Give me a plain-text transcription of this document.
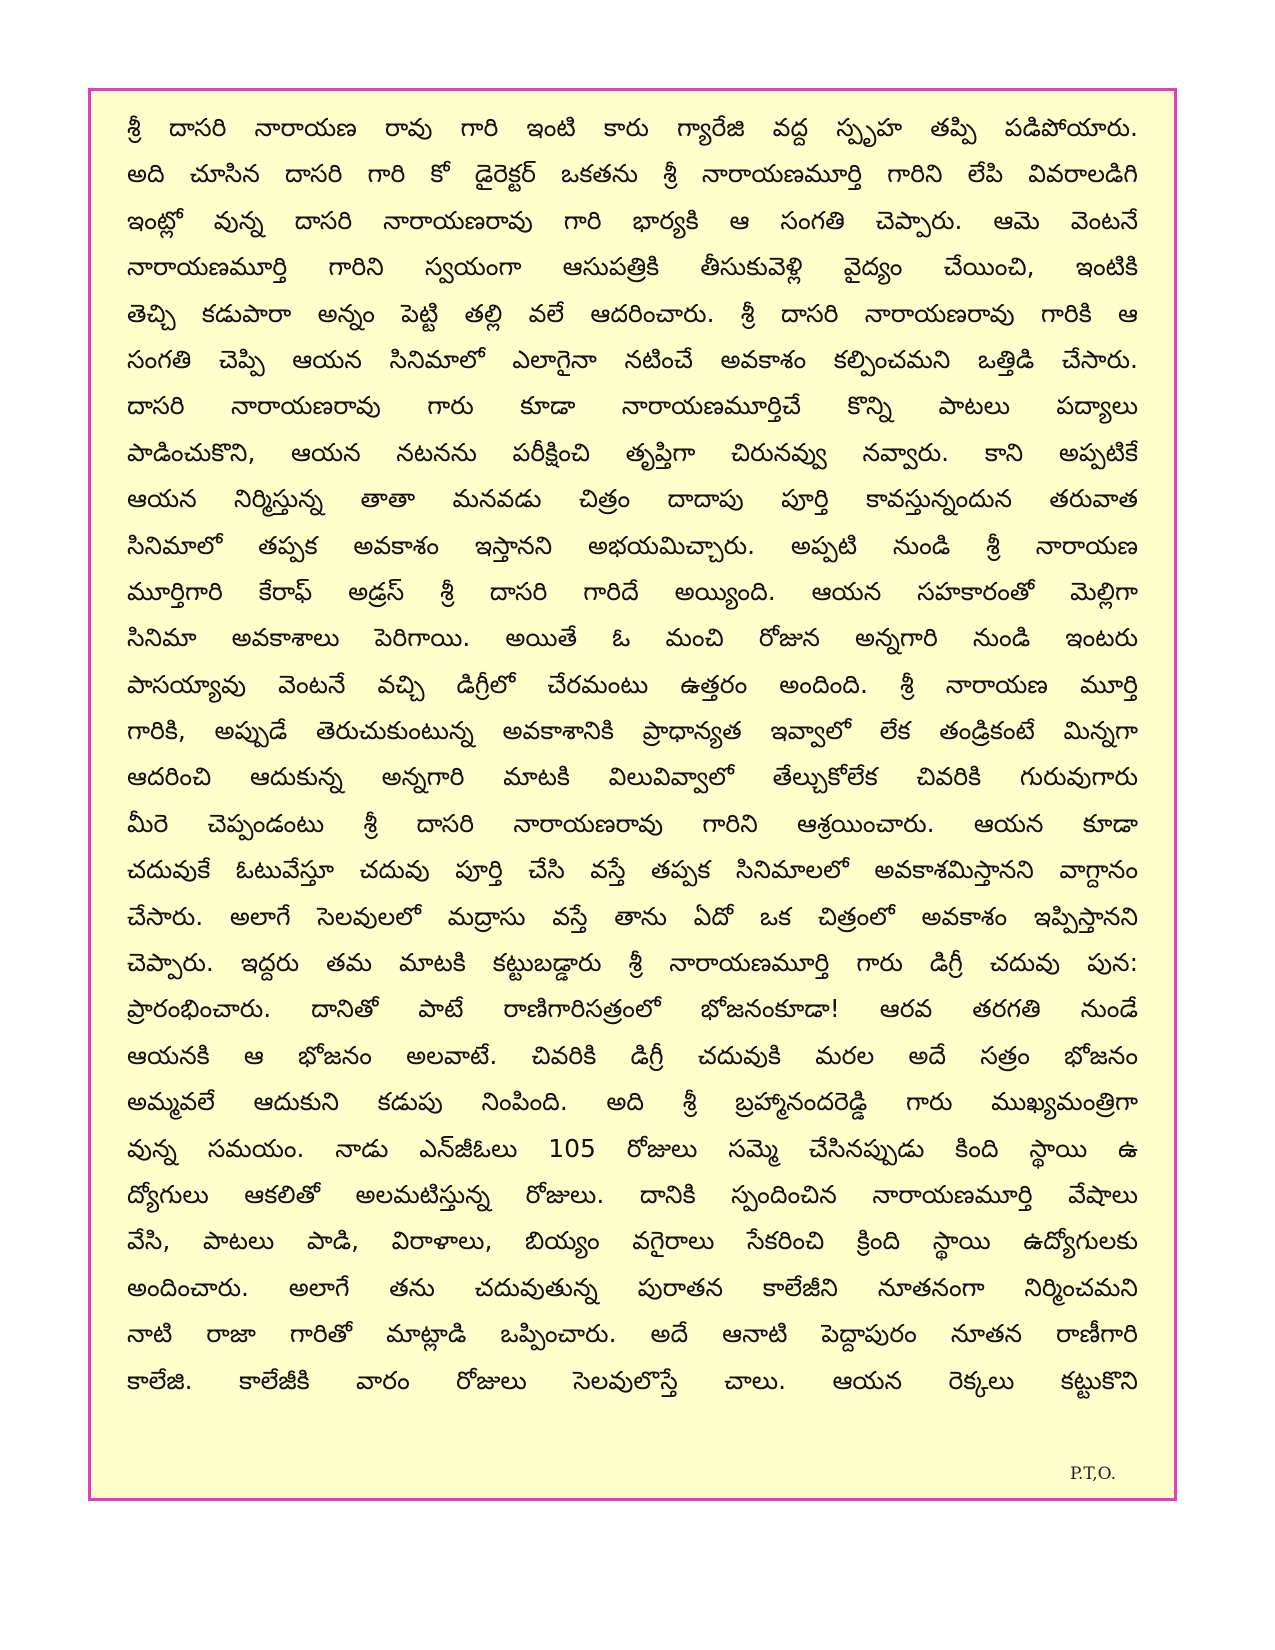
శ్రీ దాసరి నారాయణ రావు గారి ఇంటి కారు గ్యారేజి వద్ద స్పృహ తప్పి పడిపోయారు.
అది చూసిన దాసరి గారి కో డైరెక్టర్ ఒకతను శ్రీ నారాయణమూర్తి గారిని లేపి వివరాలడిగి
ఇంట్లో వున్న దాసరి నారాయణరావు గారి భార్యకి ఆ సంగతి చెప్పారు. ఆమె వెంటనే
నారాయణమూర్తి గారిని స్వయంగా ఆసుపత్రికి తీసుకువెళ్లి వైద్యం చేయించి, ఇంటికి
తెచ్చి కడుపారా అన్నం పెట్టి తల్లి వలే ఆదరించారు. శ్రీ దాసరి నారాయణరావు గారికి ఆ
సంగతి చెప్పి ఆయన సినిమాలో ఎలాగైనా నటించే అవకాశం కల్పించమని ఒత్తిడి చేసారు.
దాసరి నారాయణరావు గారు కూడా నారాయణమూర్తిచే కొన్ని పాటలు పద్యాలు
పాడించుకొని, ఆయన నటనను పరీక్షించి తృప్తిగా చిరునవ్వు నవ్వారు. కాని అప్పటికే
ఆయన నిర్మిస్తున్న తాతా మనవడు చిత్రం దాదాపు పూర్తి కావస్తున్నందున తరువాత
సినిమాలో తప్పక అవకాశం ఇస్తానని అభయమిచ్చారు. అప్పటి నుండి శ్రీ నారాయణ
మూర్తిగారి కేరాఫ్ అడ్రస్ శ్రీ దాసరి గారిదే అయ్యింది. ఆయన సహకారంతో మెల్లిగా
సినిమా అవకాశాలు పెరిగాయి. అయితే ఓ మంచి రోజున అన్నగారి నుండి ఇంటరు
పాసయ్యావు వెంటనే వచ్చి డిగ్రీలో చేరమంటు ఉత్తరం అందింది. శ్రీ నారాయణ మూర్తి
గారికి, అప్పుడే తెరుచుకుంటున్న అవకాశానికి ప్రాధాన్యత ఇవ్వాలో లేక తండ్రికంటే మిన్నగా
ఆదరించి ఆదుకున్న అన్నగారి మాటకి విలువివ్వాలో తేల్చుకోలేక చివరికి గురువుగారు
మీరె చెప్పండంటు శ్రీ దాసరి నారాయణరావు గారిని ఆశ్రయించారు. ఆయన కూడా
చదువుకే ఓటువేస్తూ చదువు పూర్తి చేసి వస్తే తప్పక సినిమాలలో అవకాశమిస్తానని వాగ్దానం
చేసారు. అలాగే సెలవులలో మద్రాసు వస్తే తాను ఏదో ఒక చిత్రంలో అవకాశం ఇప్పిస్తానని
చెప్పారు. ఇద్దరు తమ మాటకి కట్టుబడ్డారు శ్రీ నారాయణమూర్తి గారు డిగ్రీ చదువు పున:
ప్రారంభించారు. దానితో పాటే రాణిగారిసత్రంలో భోజనంకూడా! ఆరవ తరగతి నుండే
ఆయనకి ఆ భోజనం అలవాటే. చివరికి డిగ్రీ చదువుకి మరల అదే సత్రం భోజనం
అమ్మవలే ఆదుకుని కడుపు నింపింది. అది శ్రీ బ్రహ్మానందరెడ్డి గారు ముఖ్యమంత్రిగా
వున్న సమయం. నాడు ఎన్‌జీఓలు 105 రోజులు సమ్మె చేసినప్పుడు కింది స్థాయి ఉ
ద్యోగులు ఆకలితో అలమటిస్తున్న రోజులు. దానికి స్పందించిన నారాయణమూర్తి వేషాలు
వేసి, పాటలు పాడి, విరాళాలు, బియ్యం వగైరాలు సేకరించి క్రింది స్థాయి ఉద్యోగులకు
అందించారు. అలాగే తను చదువుతున్న పురాతన కాలేజీని నూతనంగా నిర్మించమని
నాటి రాజా గారితో మాట్లాడి ఒప్పించారు. అదే ఆనాటి పెద్దాపురం నూతన రాణీగారి
కాలేజి. కాలేజీకి వారం రోజులు సెలవులొస్తే చాలు. ఆయన రెక్కలు కట్టుకొని
P.T,O.
